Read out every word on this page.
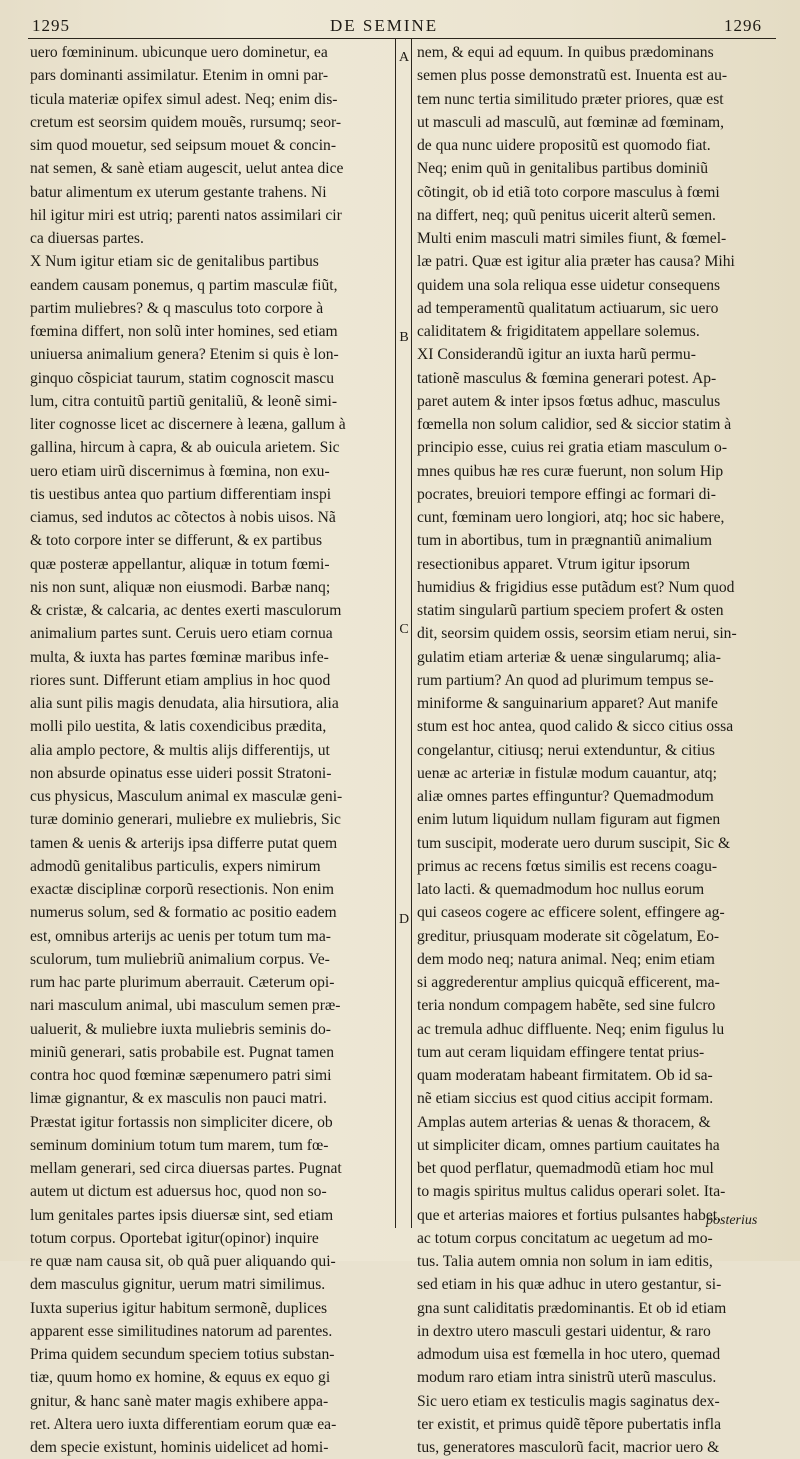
1295	DE SEMINE	1296
A
B
C
D
uero fœmininum. ubicunque uero dominetur, ea
pars dominanti assimilatur. Etenim in omni par-
ticula materiæ opifex simul adest. Neq; enim dis-
cretum est seorsim quidem mouẽs, rursumq; seor-
sim quod mouetur, sed seipsum mouet & concin-
nat semen, & sanè etiam augescit, uelut antea dice
batur alimentum ex uterum gestante trahens. Ni
hil igitur miri est utriq; parenti natos assimilari cir
ca diuersas partes.
X Num igitur etiam sic de genitalibus partibus
eandem causam ponemus, q partim masculæ fiũt,
partim muliebres? & q masculus toto corpore à
fœmina differt, non solũ inter homines, sed etiam
uniuersa animalium genera? Etenim si quis è lon-
ginquo cõspiciat taurum, statim cognoscit mascu
lum, citra contuitũ partiũ genitaliũ, & leonẽ simi-
liter cognosse licet ac discernere à leæna, gallum à
gallina, hircum à capra, & ab ouicula arietem. Sic
uero etiam uirũ discernimus à fœmina, non exu-
tis uestibus antea quo partium differentiam inspi
ciamus, sed indutos ac cõtectos à nobis uisos. Nã
& toto corpore inter se differunt, & ex partibus
quæ posteræ appellantur, aliquæ in totum fœmi-
nis non sunt, aliquæ non eiusmodi. Barbæ nanq;
& cristæ, & calcaria, ac dentes exerti masculorum
animalium partes sunt. Ceruis uero etiam cornua
multa, & iuxta has partes fœminæ maribus infe-
riores sunt. Differunt etiam amplius in hoc quod
alia sunt pilis magis denudata, alia hirsutiora, alia
molli pilo uestita, & latis coxendicibus prædita,
alia amplo pectore, & multis alijs differentijs, ut
non absurde opinatus esse uideri possit Stratoni-
cus physicus, Masculum animal ex masculæ geni-
turæ dominio generari, muliebre ex muliebris, Sic
tamen & uenis & arterijs ipsa differre putat quem
admodũ genitalibus particulis, expers nimirum
exactæ disciplinæ corporũ resectionis. Non enim
numerus solum, sed & formatio ac positio eadem
est, omnibus arterijs ac uenis per totum tum ma-
sculorum, tum muliebriũ animalium corpus. Ve-
rum hac parte plurimum aberrauit. Cæterum opi-
nari masculum animal, ubi masculum semen præ-
ualuerit, & muliebre iuxta muliebris seminis do-
miniũ generari, satis probabile est. Pugnat tamen
contra hoc quod fœminæ sæpenumero patri simi
limæ gignantur, & ex masculis non pauci matri.
Præstat igitur fortassis non simpliciter dicere, ob
seminum dominium totum tum marem, tum fœ-
mellam generari, sed circa diuersas partes. Pugnat
autem ut dictum est aduersus hoc, quod non so-
lum genitales partes ipsis diuersæ sint, sed etiam
totum corpus. Oportebat igitur(opinor) inquire
re quæ nam causa sit, ob quã puer aliquando qui-
dem masculus gignitur, uerum matri similimus.
Iuxta superius igitur habitum sermonẽ, duplices
apparent esse similitudines natorum ad parentes.
Prima quidem secundum speciem totius substan-
tiæ, quum homo ex homine, & equus ex equo gi
gnitur, & hanc sanè mater magis exhibere appa-
ret. Altera uero iuxta differentiam eorum quæ ea-
dem specie existunt, hominis uidelicet ad homi-
nem, & equi ad equum. In quibus prædominans
semen plus posse demonstratũ est. Inuenta est au-
tem nunc tertia similitudo præter priores, quæ est
ut masculi ad masculũ, aut fœminæ ad fœminam,
de qua nunc uidere propositũ est quomodo fiat.
Neq; enim quũ in genitalibus partibus dominiũ
cõtingit, ob id etiã toto corpore masculus à fœmi
na differt, neq; quũ penitus uicerit alterũ semen.
Multi enim masculi matri similes fiunt, & fœmel-
læ patri. Quæ est igitur alia præter has causa? Mihi
quidem una sola reliqua esse uidetur consequens
ad temperamentũ qualitatum actiuarum, sic uero
caliditatem & frigiditatem appellare solemus.
XI Considerandũ igitur an iuxta harũ permu-
tationẽ masculus & fœmina generari potest. Ap-
paret autem & inter ipsos fœtus adhuc, masculus
fœmella non solum calidior, sed & siccior statim à
principio esse, cuius rei gratia etiam masculum o-
mnes quibus hæ res curæ fuerunt, non solum Hip
pocrates, breuiori tempore effingi ac formari di-
cunt, fœminam uero longiori, atq; hoc sic habere,
tum in abortibus, tum in prægnantiũ animalium
resectionibus apparet. Vtrum igitur ipsorum
humidius & frigidius esse putãdum est? Num quod
statim singularũ partium speciem profert & osten
dit, seorsim quidem ossis, seorsim etiam nerui, sin-
gulatim etiam arteriæ & uenæ singularumq; alia-
rum partium? An quod ad plurimum tempus se-
miniforme & sanguinarium apparet? Aut manife
stum est hoc antea, quod calido & sicco citius ossa
congelantur, citiusq; nerui extenduntur, & citius
uenæ ac arteriæ in fistulæ modum cauantur, atq;
aliæ omnes partes effinguntur? Quemadmodum
enim lutum liquidum nullam figuram aut figmen
tum suscipit, moderate uero durum suscipit, Sic &
primus ac recens fœtus similis est recens coagu-
lato lacti. & quemadmodum hoc nullus eorum
qui caseos cogere ac efficere solent, effingere ag-
greditur, priusquam moderate sit cõgelatum, Eo-
dem modo neq; natura animal. Neq; enim etiam
si aggrederentur amplius quicquã efficerent, ma-
teria nondum compagem habẽte, sed sine fulcro
ac tremula adhuc diffluente. Neq; enim figulus lu
tum aut ceram liquidam effingere tentat prius-
quam moderatam habeant firmitatem. Ob id sa-
nẽ etiam siccius est quod citius accipit formam.
Amplas autem arterias & uenas & thoracem, &
ut simpliciter dicam, omnes partium cauitates ha
bet quod perflatur, quemadmodũ etiam hoc mul
to magis spiritus multus calidus operari solet. Ita-
que et arterias maiores et fortius pulsantes habet,
ac totum corpus concitatum ac uegetum ad mo-
tus. Talia autem omnia non solum in iam editis,
sed etiam in his quæ adhuc in utero gestantur, si-
gna sunt caliditatis prædominantis. Et ob id etiam
in dextro utero masculi gestari uidentur, & raro
admodum uisa est fœmella in hoc utero, quemad
modum raro etiam intra sinistrũ uterũ masculus.
Sic uero etiam ex testiculis magis saginatus dex-
ter existit, et primus quidẽ tẽpore pubertatis infla
tus, generatores masculorũ facit, macrior uero &
posterius
